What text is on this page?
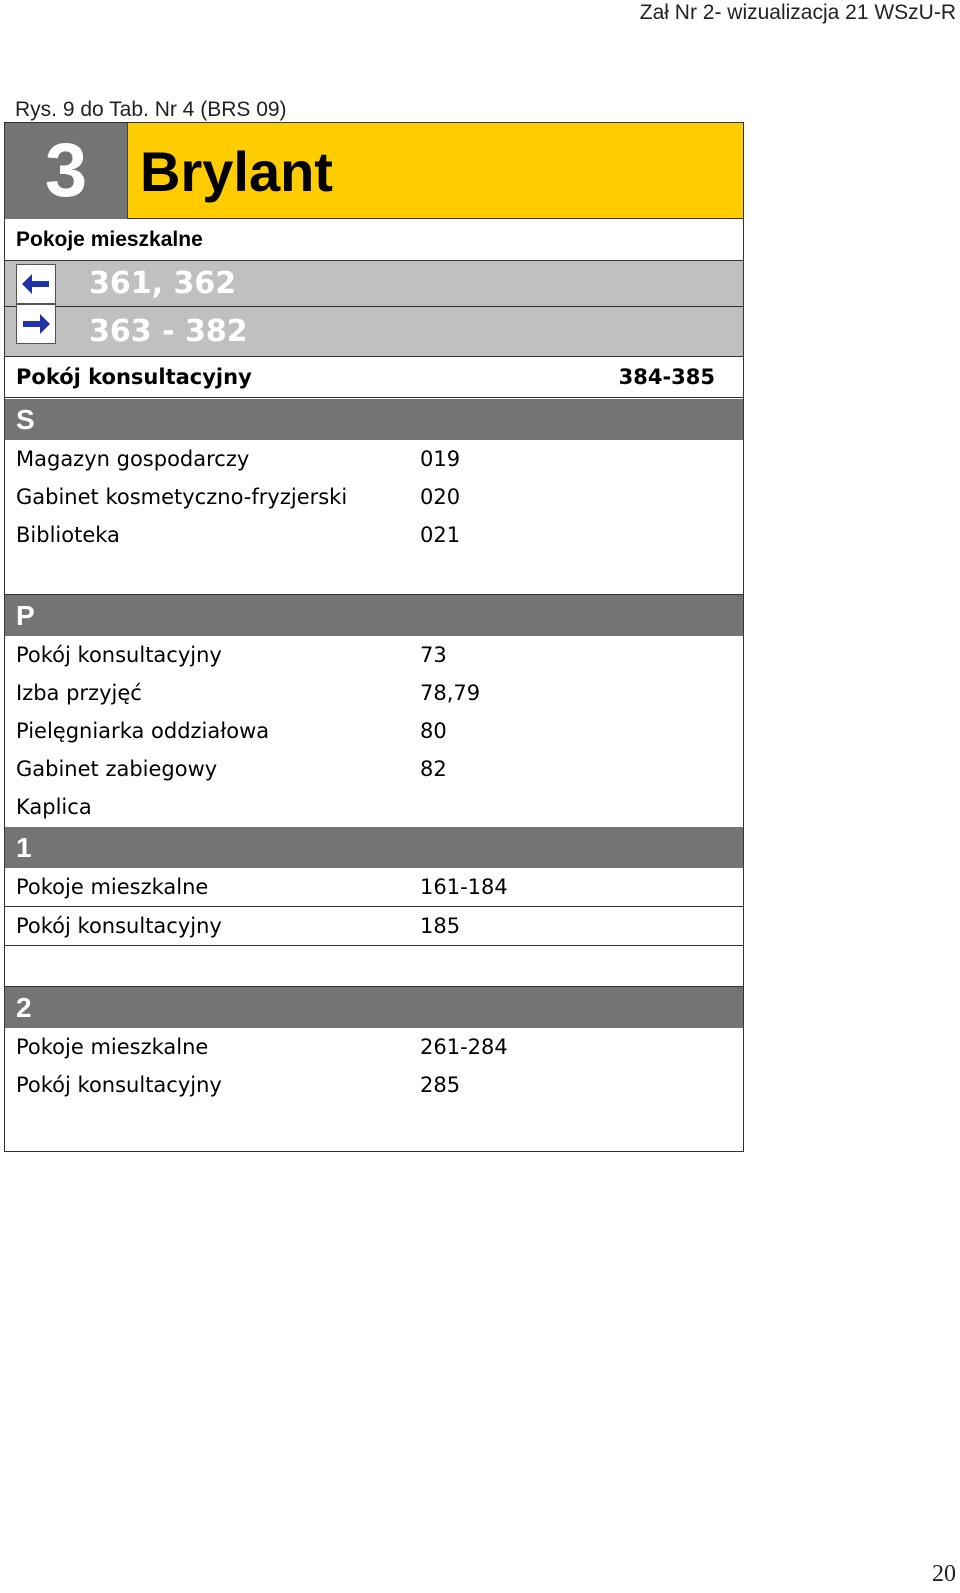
Zał Nr 2- wizualizacja 21 WSzU-R
Rys. 9 do Tab. Nr 4 (BRS 09)
3 Brylant
Pokoje mieszkalne
361, 362
363 - 382
Pokój konsultacyjny	384-385
S
Magazyn gospodarczy	019
Gabinet kosmetyczno-fryzjerski	020
Biblioteka	021
P
Pokój konsultacyjny	73
Izba przyjęć	78,79
Pielęgniarka oddziałowa	80
Gabinet zabiegowy	82
Kaplica
1
Pokoje mieszkalne	161-184
Pokój konsultacyjny	185
2
Pokoje mieszkalne	261-284
Pokój konsultacyjny	285
20
